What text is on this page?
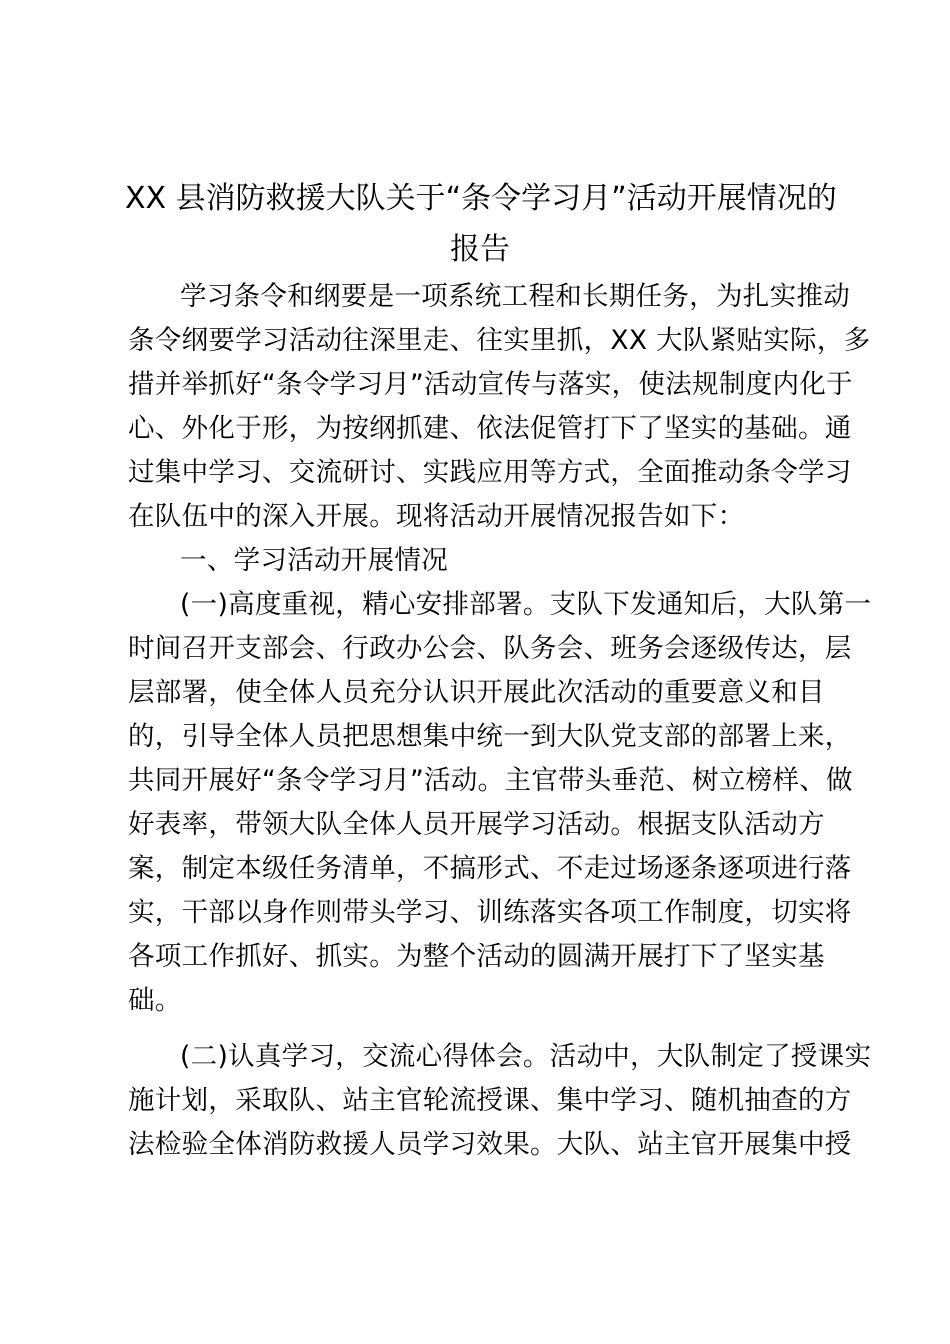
XX 县消防救援大队关于“条令学习月”活动开展情况的
报告
学习条令和纲要是一项系统工程和长期任务，为扎实推动
条令纲要学习活动往深里走、往实里抓，XX 大队紧贴实际，多
措并举抓好“条令学习月”活动宣传与落实，使法规制度内化于
心、外化于形，为按纲抓建、依法促管打下了坚实的基础。通
过集中学习、交流研讨、实践应用等方式，全面推动条令学习
在队伍中的深入开展。现将活动开展情况报告如下：
一、学习活动开展情况
(一)高度重视，精心安排部署。支队下发通知后，大队第一
时间召开支部会、行政办公会、队务会、班务会逐级传达，层
层部署，使全体人员充分认识开展此次活动的重要意义和目
的，引导全体人员把思想集中统一到大队党支部的部署上来，
共同开展好“条令学习月”活动。主官带头垂范、树立榜样、做
好表率，带领大队全体人员开展学习活动。根据支队活动方
案，制定本级任务清单，不搞形式、不走过场逐条逐项进行落
实，干部以身作则带头学习、训练落实各项工作制度，切实将
各项工作抓好、抓实。为整个活动的圆满开展打下了坚实基
础。
(二)认真学习，交流心得体会。活动中，大队制定了授课实
施计划，采取队、站主官轮流授课、集中学习、随机抽查的方
法检验全体消防救援人员学习效果。大队、站主官开展集中授
